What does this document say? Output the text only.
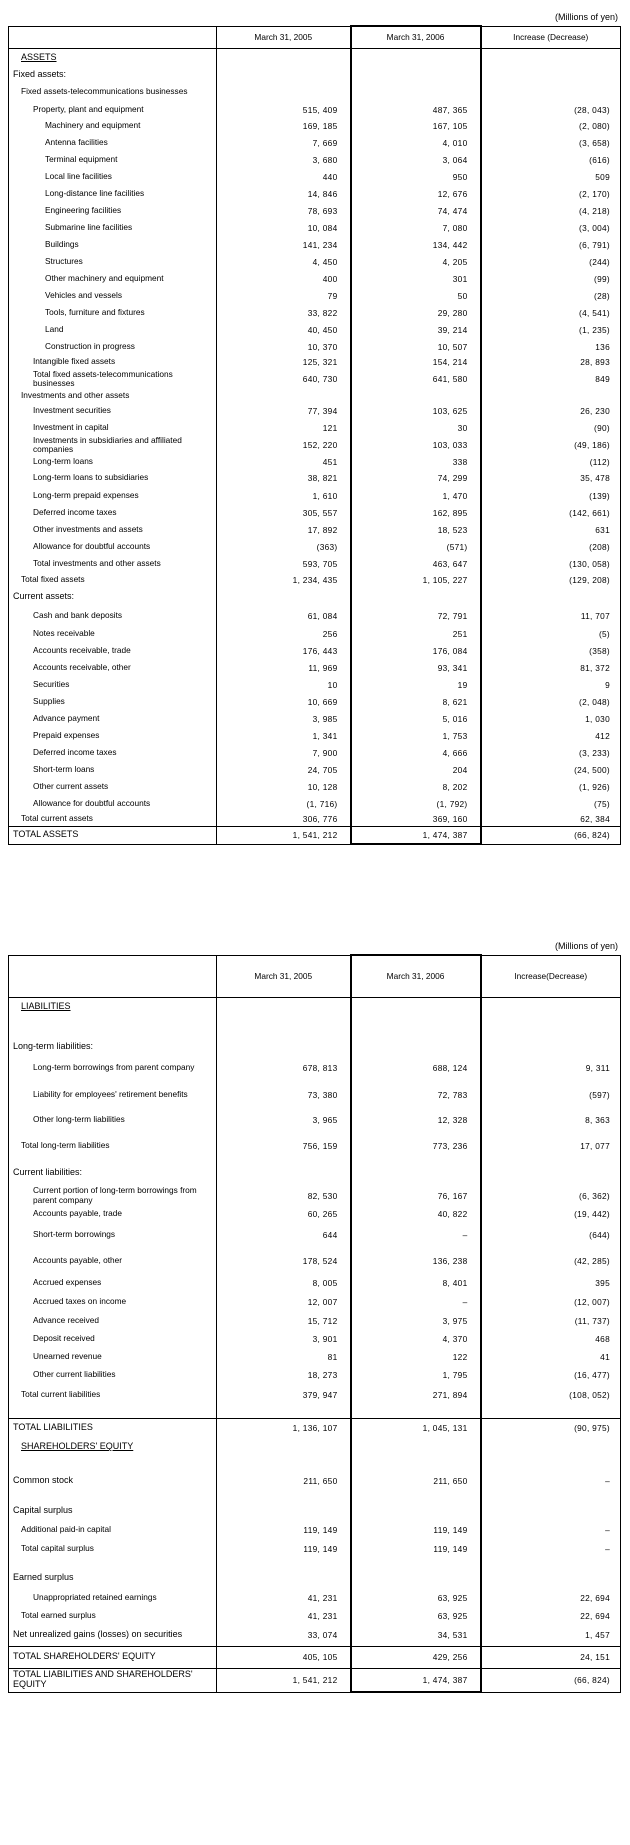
(Millions of yen)
	March 31, 2005	March 31, 2006	Increase (Decrease)
ASSETS			
Fixed assets:			
Fixed assets-telecommunications businesses			
Property, plant and equipment	515, 409	487, 365	(28, 043)
Machinery and equipment	169, 185	167, 105	(2, 080)
Antenna facilities	7, 669	4, 010	(3, 658)
Terminal equipment	3, 680	3, 064	(616)
Local line facilities	440	950	509
Long-distance line facilities	14, 846	12, 676	(2, 170)
Engineering facilities	78, 693	74, 474	(4, 218)
Submarine line facilities	10, 084	7, 080	(3, 004)
Buildings	141, 234	134, 442	(6, 791)
Structures	4, 450	4, 205	(244)
Other machinery and equipment	400	301	(99)
Vehicles and vessels	79	50	(28)
Tools, furniture and fixtures	33, 822	29, 280	(4, 541)
Land	40, 450	39, 214	(1, 235)
Construction in progress	10, 370	10, 507	136
Intangible fixed assets	125, 321	154, 214	28, 893
Total fixed assets-telecommunications businesses	640, 730	641, 580	849
Investments and other assets			
Investment securities	77, 394	103, 625	26, 230
Investment in capital	121	30	(90)
Investments in subsidiaries and affiliated companies	152, 220	103, 033	(49, 186)
Long-term loans	451	338	(112)
Long-term loans to subsidiaries	38, 821	74, 299	35, 478
Long-term prepaid expenses	1, 610	1, 470	(139)
Deferred income taxes	305, 557	162, 895	(142, 661)
Other investments and assets	17, 892	18, 523	631
Allowance for doubtful accounts	(363)	(571)	(208)
Total investments and other assets	593, 705	463, 647	(130, 058)
Total fixed assets	1, 234, 435	1, 105, 227	(129, 208)
Current assets:			
Cash and bank deposits	61, 084	72, 791	11, 707
Notes receivable	256	251	(5)
Accounts receivable, trade	176, 443	176, 084	(358)
Accounts receivable, other	11, 969	93, 341	81, 372
Securities	10	19	9
Supplies	10, 669	8, 621	(2, 048)
Advance payment	3, 985	5, 016	1, 030
Prepaid expenses	1, 341	1, 753	412
Deferred income taxes	7, 900	4, 666	(3, 233)
Short-term loans	24, 705	204	(24, 500)
Other current assets	10, 128	8, 202	(1, 926)
Allowance for doubtful accounts	(1, 716)	(1, 792)	(75)
Total current assets	306, 776	369, 160	62, 384
TOTAL ASSETS	1, 541, 212	1, 474, 387	(66, 824)
(Millions of yen)
	March 31, 2005	March 31, 2006	Increase(Decrease)
LIABILITIES			

Long-term liabilities:			
Long-term borrowings from parent company	678, 813	688, 124	9, 311
Liability for employees' retirement benefits	73, 380	72, 783	(597)
Other long-term liabilities	3, 965	12, 328	8, 363
Total long-term liabilities	756, 159	773, 236	17, 077
Current liabilities:			
Current portion of long-term borrowings from parent company	82, 530	76, 167	(6, 362)
Accounts payable, trade	60, 265	40, 822	(19, 442)
Short-term borrowings	644	–	(644)
Accounts payable, other	178, 524	136, 238	(42, 285)
Accrued expenses	8, 005	8, 401	395
Accrued taxes on income	12, 007	–	(12, 007)
Advance received	15, 712	3, 975	(11, 737)
Deposit received	3, 901	4, 370	468
Unearned revenue	81	122	41
Other current liabilities	18, 273	1, 795	(16, 477)
Total current liabilities	379, 947	271, 894	(108, 052)

TOTAL LIABILITIES	1, 136, 107	1, 045, 131	(90, 975)
SHAREHOLDERS' EQUITY			

Common stock	211, 650	211, 650	–

Capital surplus			
Additional paid-in capital	119, 149	119, 149	–
Total capital surplus	119, 149	119, 149	–

Earned surplus			
Unappropriated retained earnings	41, 231	63, 925	22, 694
Total earned surplus	41, 231	63, 925	22, 694
Net unrealized gains (losses) on securities	33, 074	34, 531	1, 457
TOTAL SHAREHOLDERS' EQUITY	405, 105	429, 256	24, 151
TOTAL LIABILITIES AND SHAREHOLDERS' EQUITY	1, 541, 212	1, 474, 387	(66, 824)
